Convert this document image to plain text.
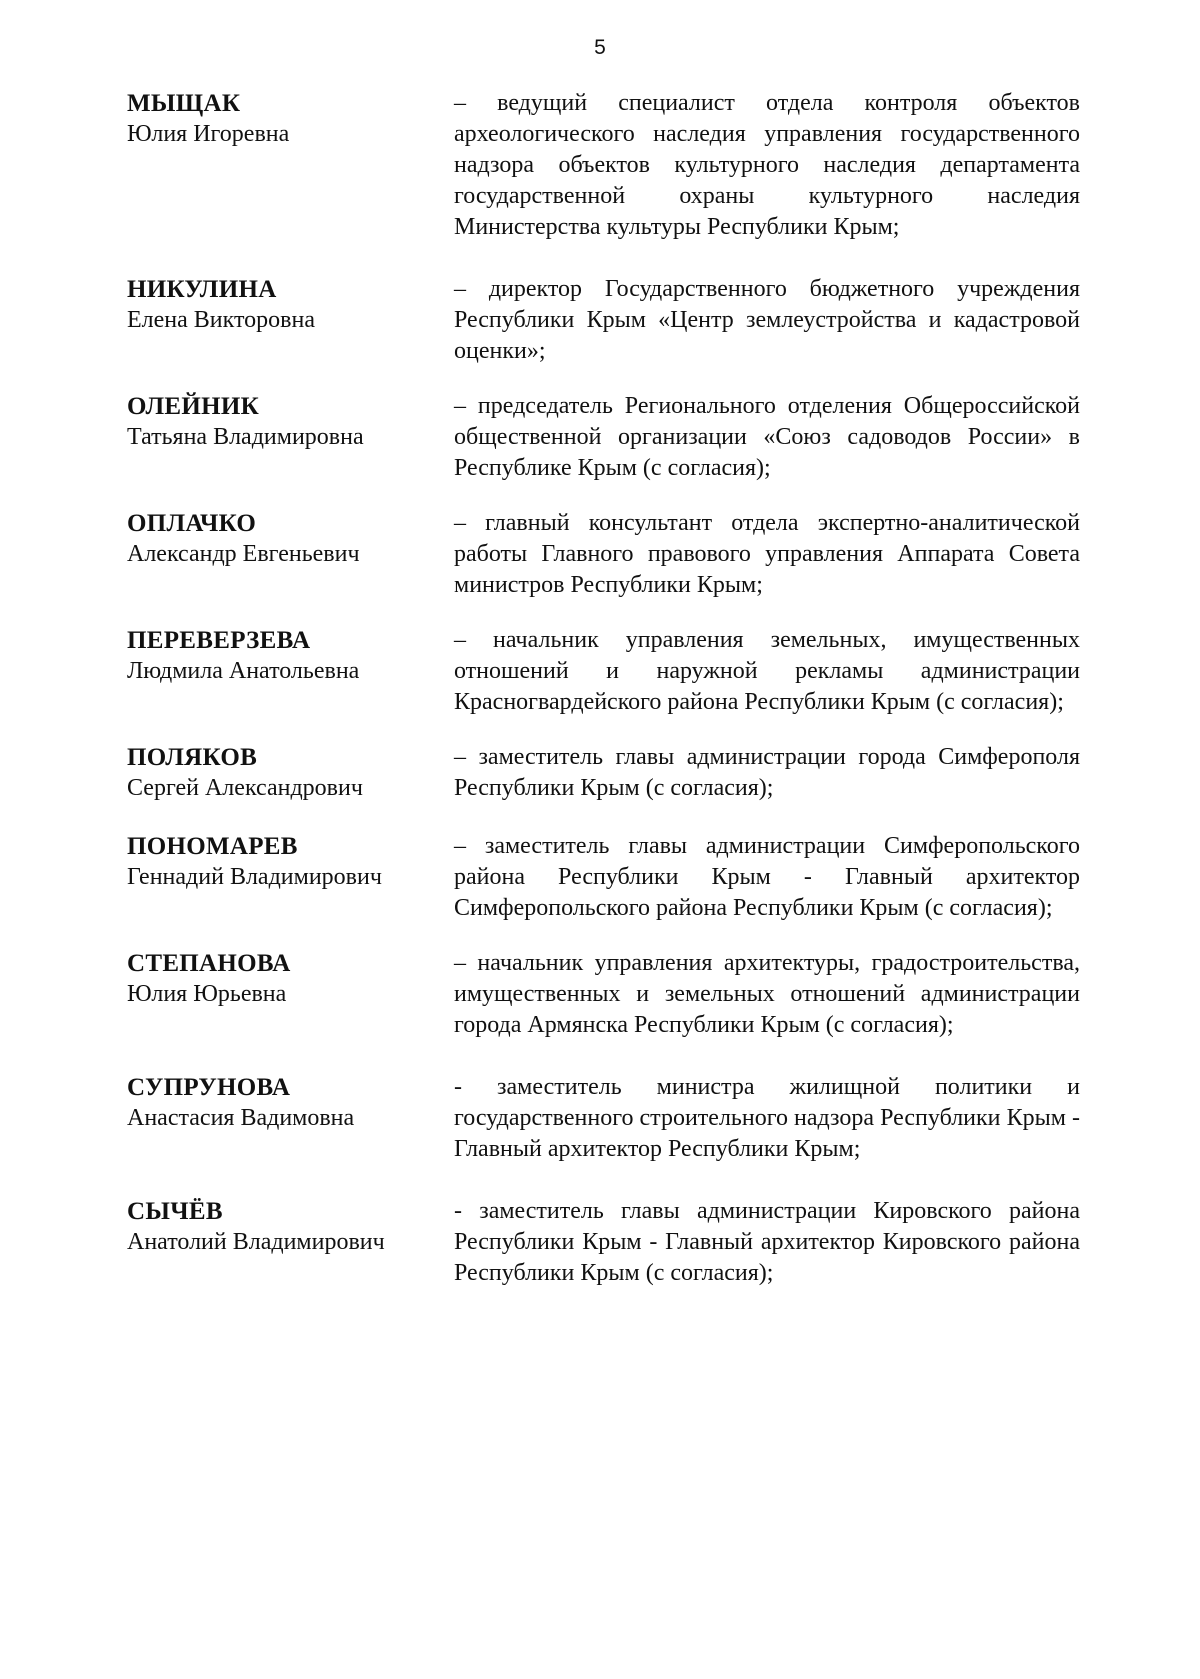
5
МЫЩАК
Юлия Игоревна
– ведущий специалист отдела контроля объектов археологического наследия управления государственного надзора объектов культурного наследия департамента государственной охраны культурного наследия Министерства культуры Республики Крым;
НИКУЛИНА
Елена Викторовна
– директор Государственного бюджетного учреждения Республики Крым «Центр землеустройства и кадастровой оценки»;
ОЛЕЙНИК
Татьяна Владимировна
– председатель Регионального отделения Общероссийской общественной организации «Союз садоводов России» в Республике Крым (с согласия);
ОПЛАЧКО
Александр Евгеньевич
– главный консультант отдела экспертно-аналитической работы Главного правового управления Аппарата Совета министров Республики Крым;
ПЕРЕВЕРЗЕВА
Людмила Анатольевна
– начальник управления земельных, имущественных отношений и наружной рекламы администрации Красногвардейского района Республики Крым (с согласия);
ПОЛЯКОВ
Сергей Александрович
– заместитель главы администрации города Симферополя Республики Крым (с согласия);
ПОНОМАРЕВ
Геннадий Владимирович
– заместитель главы администрации Симферопольского района Республики Крым - Главный архитектор Симферопольского района Республики Крым (с согласия);
СТЕПАНОВА
Юлия Юрьевна
– начальник управления архитектуры, градостроительства, имущественных и земельных отношений администрации города Армянска Республики Крым (с согласия);
СУПРУНОВА
Анастасия Вадимовна
- заместитель министра жилищной политики и государственного строительного надзора Республики Крым - Главный архитектор Республики Крым;
СЫЧЁВ
Анатолий Владимирович
- заместитель главы администрации Кировского района Республики Крым - Главный архитектор Кировского района Республики Крым (с согласия);
